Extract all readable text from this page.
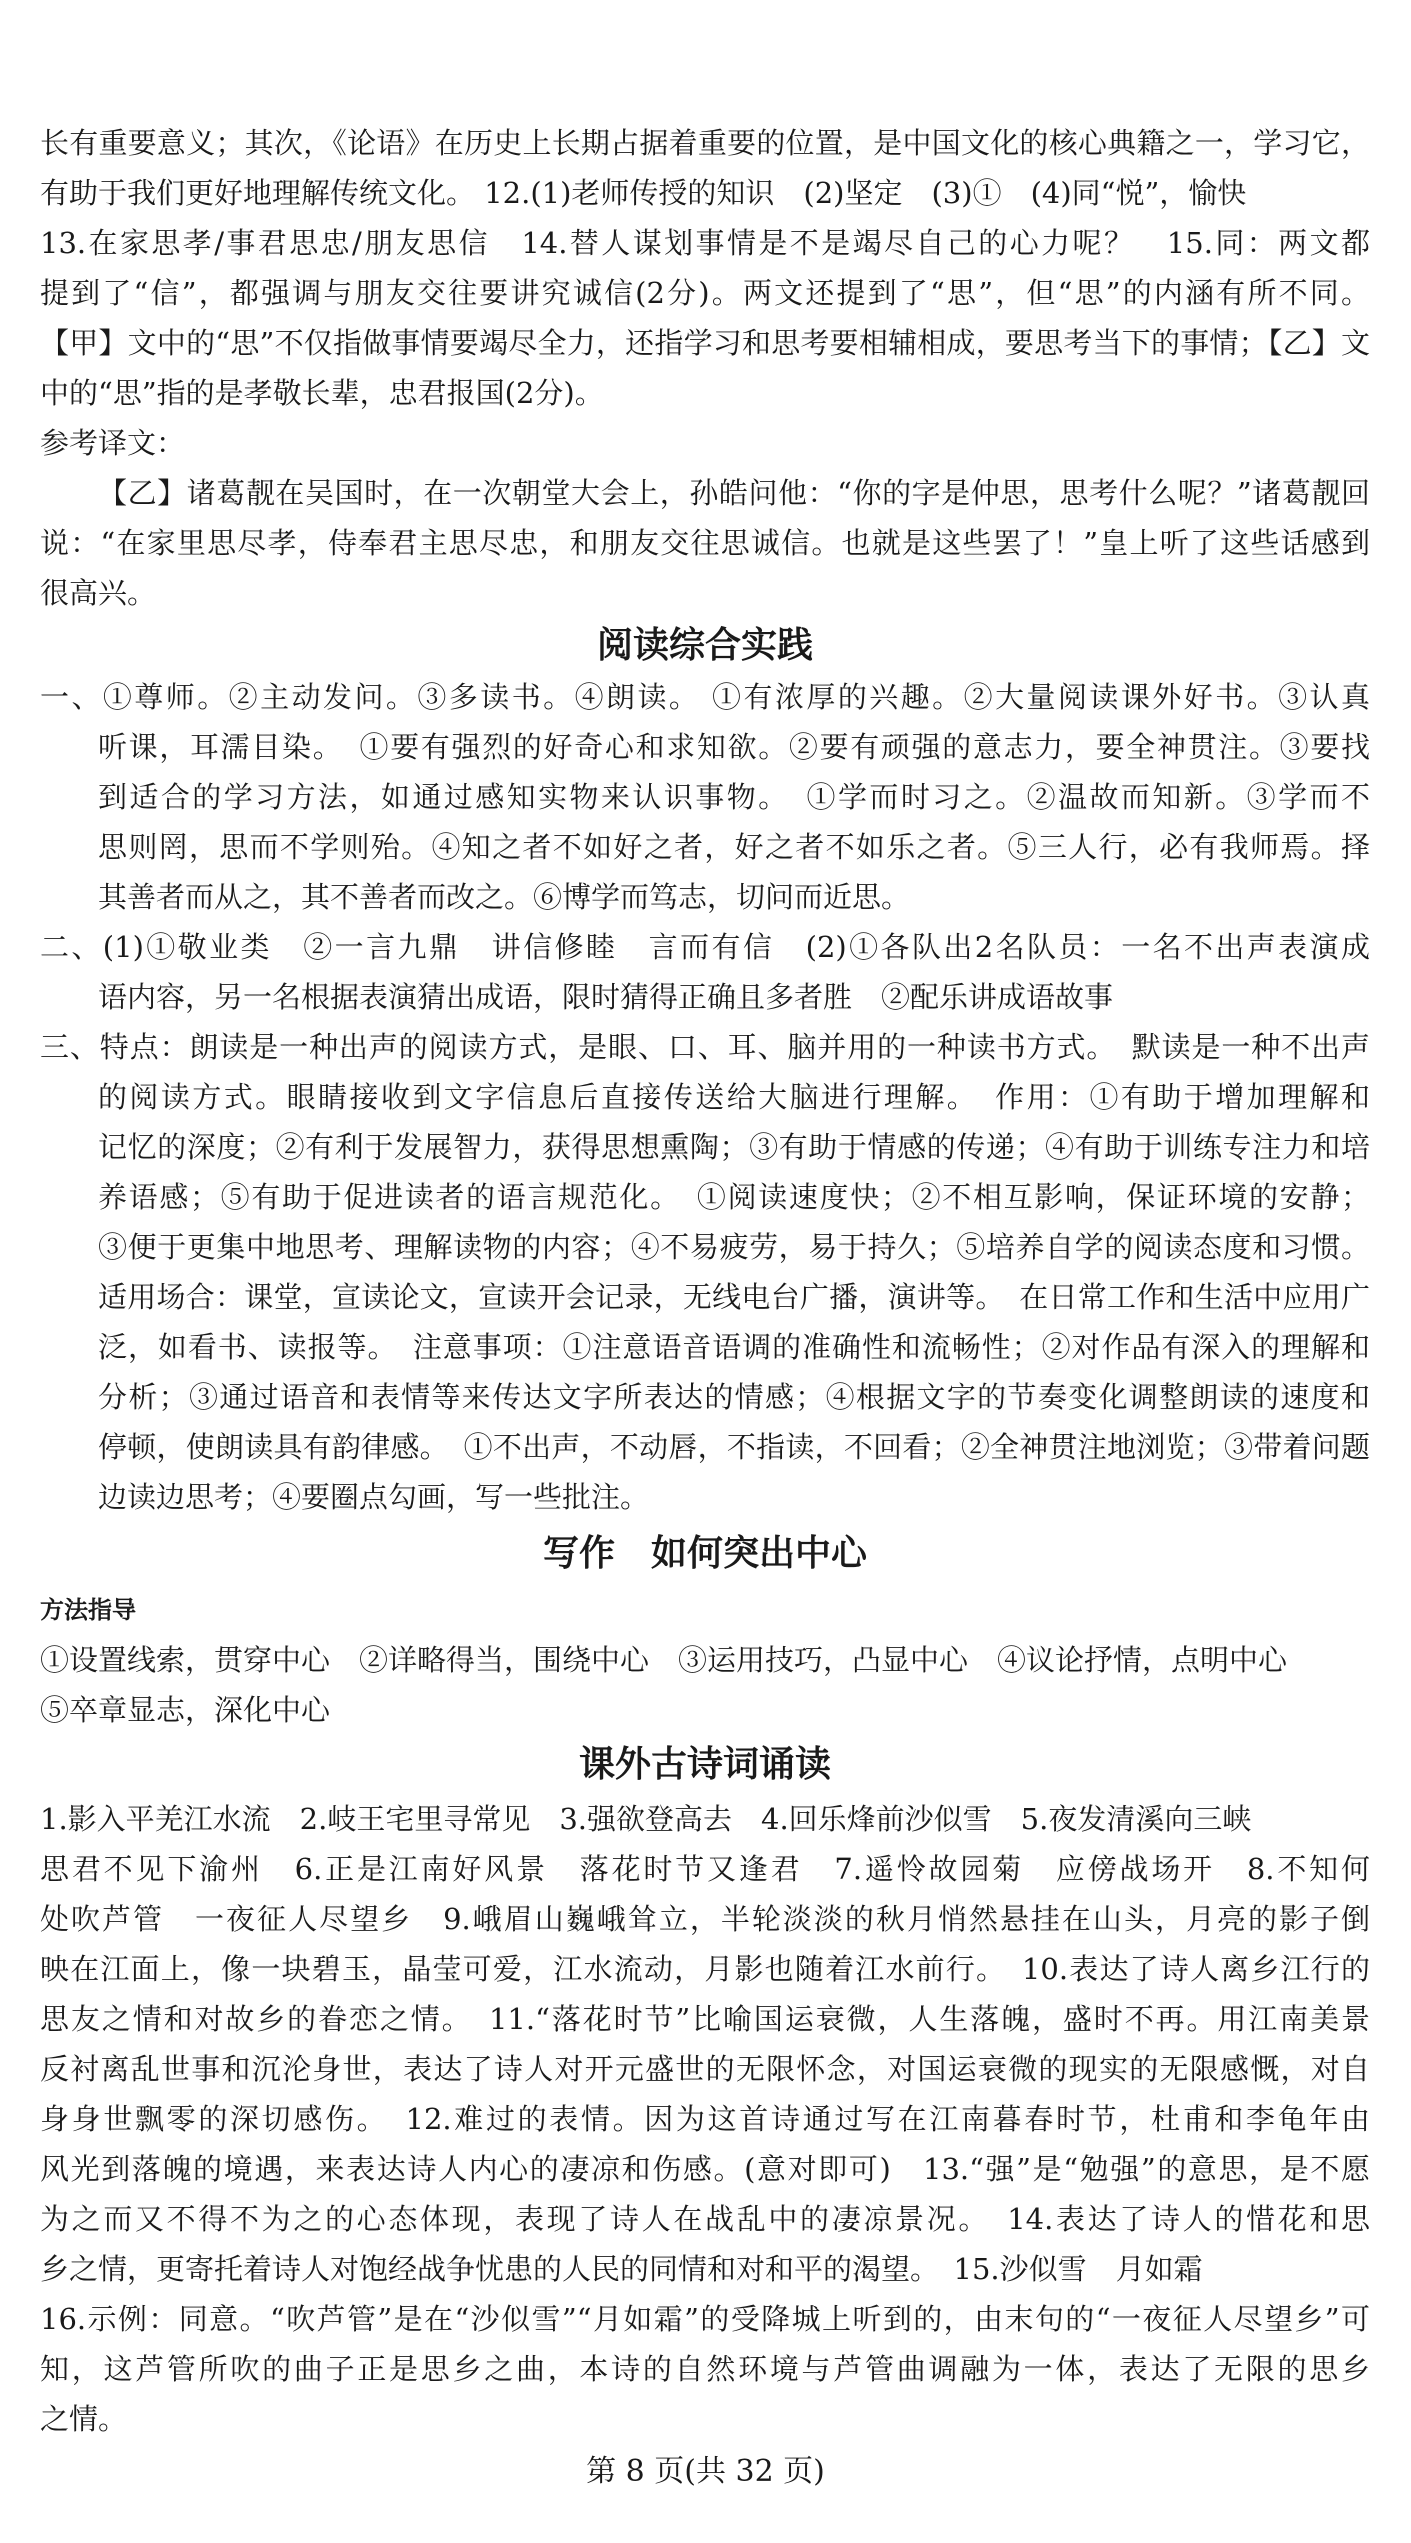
长有重要意义；其次，《论语》在历史上长期占据着重要的位置，是中国文化的核心典籍之一，学习它，
有助于我们更好地理解传统文化。 12.(1)老师传授的知识　(2)坚定　(3)①　(4)同“悦”，愉快
13.在家思孝/事君思忠/朋友思信　14.替人谋划事情是不是竭尽自己的心力呢？　15.同：两文都
提到了“信”，都强调与朋友交往要讲究诚信(2分)。两文还提到了“思”，但“思”的内涵有所不同。
【甲】文中的“思”不仅指做事情要竭尽全力，还指学习和思考要相辅相成，要思考当下的事情；【乙】文
中的“思”指的是孝敬长辈，忠君报国(2分)。
参考译文：
【乙】诸葛靓在吴国时，在一次朝堂大会上，孙皓问他：“你的字是仲思，思考什么呢？”诸葛靓回
说：“在家里思尽孝，侍奉君主思尽忠，和朋友交往思诚信。也就是这些罢了！”皇上听了这些话感到
很高兴。
阅读综合实践
一、①尊师。②主动发问。③多读书。④朗读。 ①有浓厚的兴趣。②大量阅读课外好书。③认真
听课，耳濡目染。　①要有强烈的好奇心和求知欲。②要有顽强的意志力，要全神贯注。③要找
到适合的学习方法，如通过感知实物来认识事物。　①学而时习之。②温故而知新。③学而不
思则罔，思而不学则殆。④知之者不如好之者，好之者不如乐之者。⑤三人行，必有我师焉。择
其善者而从之，其不善者而改之。⑥博学而笃志，切问而近思。
二、(1)①敬业类　②一言九鼎　讲信修睦　言而有信　(2)①各队出2名队员：一名不出声表演成
语内容，另一名根据表演猜出成语，限时猜得正确且多者胜　②配乐讲成语故事
三、特点：朗读是一种出声的阅读方式，是眼、口、耳、脑并用的一种读书方式。　默读是一种不出声
的阅读方式。眼睛接收到文字信息后直接传送给大脑进行理解。　作用：①有助于增加理解和
记忆的深度；②有利于发展智力，获得思想熏陶；③有助于情感的传递；④有助于训练专注力和培
养语感；⑤有助于促进读者的语言规范化。　①阅读速度快；②不相互影响，保证环境的安静；
③便于更集中地思考、理解读物的内容；④不易疲劳，易于持久；⑤培养自学的阅读态度和习惯。
适用场合：课堂，宣读论文，宣读开会记录，无线电台广播，演讲等。　在日常工作和生活中应用广
泛，如看书、读报等。　注意事项：①注意语音语调的准确性和流畅性；②对作品有深入的理解和
分析；③通过语音和表情等来传达文字所表达的情感；④根据文字的节奏变化调整朗读的速度和
停顿，使朗读具有韵律感。　①不出声，不动唇，不指读，不回看；②全神贯注地浏览；③带着问题
边读边思考；④要圈点勾画，写一些批注。
写作　如何突出中心
方法指导
①设置线索，贯穿中心　②详略得当，围绕中心　③运用技巧，凸显中心　④议论抒情，点明中心
⑤卒章显志，深化中心
课外古诗词诵读
1.影入平羌江水流　2.岐王宅里寻常见　3.强欲登高去　4.回乐烽前沙似雪　5.夜发清溪向三峡
思君不见下渝州　6.正是江南好风景　落花时节又逢君　7.遥怜故园菊　应傍战场开　8.不知何
处吹芦管　一夜征人尽望乡　9.峨眉山巍峨耸立，半轮淡淡的秋月悄然悬挂在山头，月亮的影子倒
映在江面上，像一块碧玉，晶莹可爱，江水流动，月影也随着江水前行。　10.表达了诗人离乡江行的
思友之情和对故乡的眷恋之情。　11.“落花时节”比喻国运衰微，人生落魄，盛时不再。用江南美景
反衬离乱世事和沉沦身世，表达了诗人对开元盛世的无限怀念，对国运衰微的现实的无限感慨，对自
身身世飘零的深切感伤。　12.难过的表情。因为这首诗通过写在江南暮春时节，杜甫和李龟年由
风光到落魄的境遇，来表达诗人内心的凄凉和伤感。(意对即可)　13.“强”是“勉强”的意思，是不愿
为之而又不得不为之的心态体现，表现了诗人在战乱中的凄凉景况。　14.表达了诗人的惜花和思
乡之情，更寄托着诗人对饱经战争忧患的人民的同情和对和平的渴望。　15.沙似雪　月如霜
16.示例：同意。“吹芦管”是在“沙似雪”“月如霜”的受降城上听到的，由末句的“一夜征人尽望乡”可
知，这芦管所吹的曲子正是思乡之曲，本诗的自然环境与芦管曲调融为一体，表达了无限的思乡
之情。
第 8 页(共 32 页)
